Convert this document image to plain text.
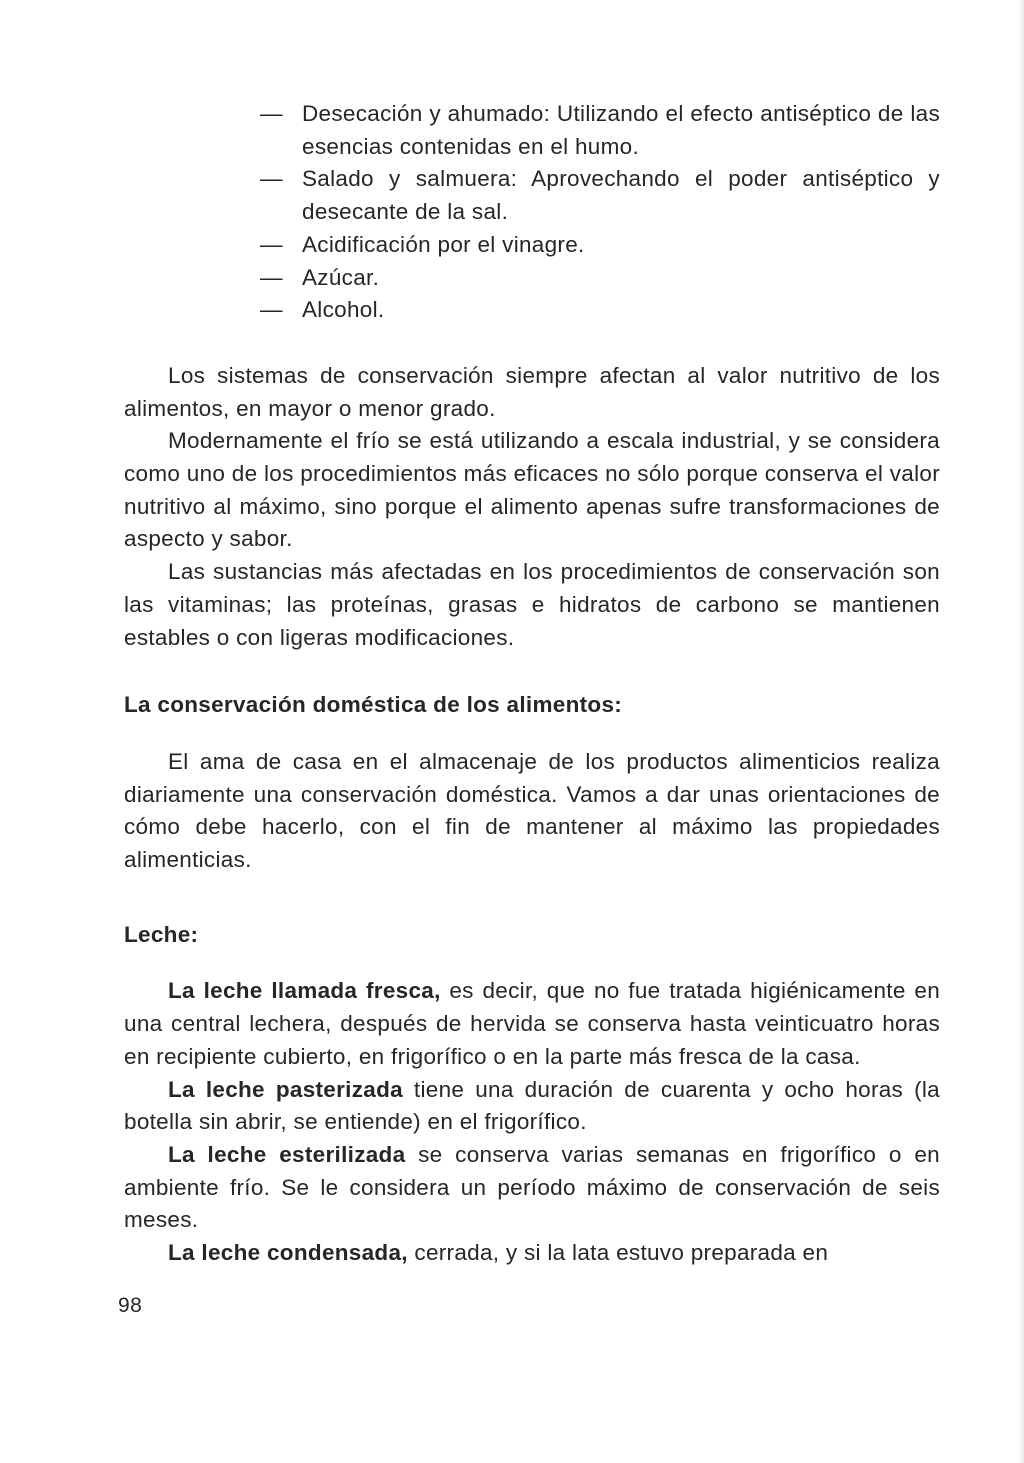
— Desecación y ahumado: Utilizando el efecto antiséptico de las esencias contenidas en el humo.
— Salado y salmuera: Aprovechando el poder antiséptico y desecante de la sal.
— Acidificación por el vinagre.
— Azúcar.
— Alcohol.

Los sistemas de conservación siempre afectan al valor nutritivo de los alimentos, en mayor o menor grado.

Modernamente el frío se está utilizando a escala industrial, y se considera como uno de los procedimientos más eficaces no sólo porque conserva el valor nutritivo al máximo, sino porque el alimento apenas sufre transformaciones de aspecto y sabor.

Las sustancias más afectadas en los procedimientos de conservación son las vitaminas; las proteínas, grasas e hidratos de carbono se mantienen estables o con ligeras modificaciones.

La conservación doméstica de los alimentos:

El ama de casa en el almacenaje de los productos alimenticios realiza diariamente una conservación doméstica. Vamos a dar unas orientaciones de cómo debe hacerlo, con el fin de mantener al máximo las propiedades alimenticias.

Leche:

La leche llamada fresca, es decir, que no fue tratada higiénicamente en una central lechera, después de hervida se conserva hasta veinticuatro horas en recipiente cubierto, en frigorífico o en la parte más fresca de la casa.

La leche pasterizada tiene una duración de cuarenta y ocho horas (la botella sin abrir, se entiende) en el frigorífico.

La leche esterilizada se conserva varias semanas en frigorífico o en ambiente frío. Se le considera un período máximo de conservación de seis meses.

La leche condensada, cerrada, y si la lata estuvo preparada en

98
